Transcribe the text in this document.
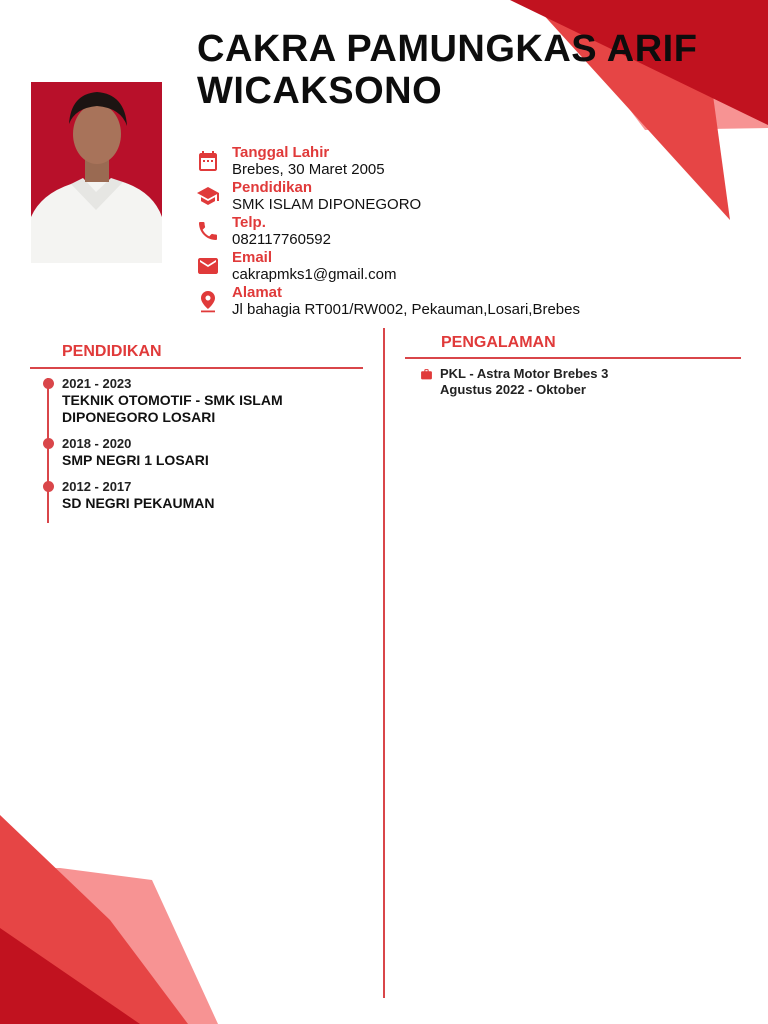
CAKRA PAMUNGKAS ARIF WICAKSONO
Tanggal Lahir
Brebes, 30 Maret 2005
Pendidikan
SMK ISLAM DIPONEGORO
Telp.
082117760592
Email
cakrapmks1@gmail.com
Alamat
Jl bahagia RT001/RW002, Pekauman,Losari,Brebes
PENDIDIKAN
2021 - 2023
TEKNIK OTOMOTIF - SMK ISLAM DIPONEGORO LOSARI
2018 - 2020
SMP NEGRI 1 LOSARI
2012 - 2017
SD NEGRI PEKAUMAN
PENGALAMAN
PKL - Astra Motor Brebes 3
Agustus 2022 - Oktober
